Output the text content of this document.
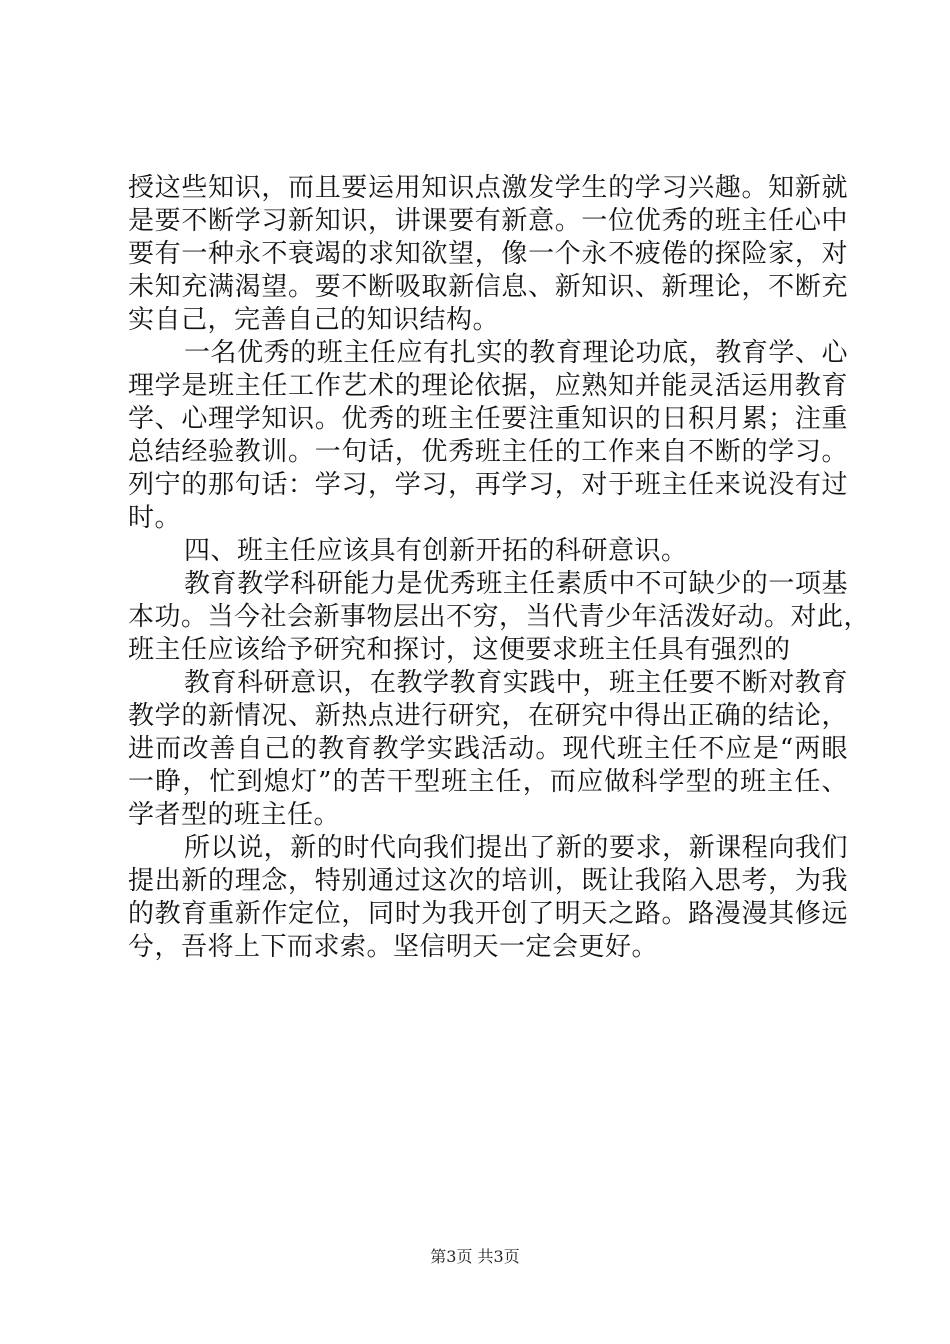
授这些知识，而且要运用知识点激发学生的学习兴趣。知新就
是要不断学习新知识，讲课要有新意。一位优秀的班主任心中
要有一种永不衰竭的求知欲望，像一个永不疲倦的探险家，对
未知充满渴望。要不断吸取新信息、新知识、新理论，不断充
实自己，完善自己的知识结构。
一名优秀的班主任应有扎实的教育理论功底，教育学、心
理学是班主任工作艺术的理论依据，应熟知并能灵活运用教育
学、心理学知识。优秀的班主任要注重知识的日积月累；注重
总结经验教训。一句话，优秀班主任的工作来自不断的学习。
列宁的那句话：学习，学习，再学习，对于班主任来说没有过
时。
四、班主任应该具有创新开拓的科研意识。
教育教学科研能力是优秀班主任素质中不可缺少的一项基
本功。当今社会新事物层出不穷，当代青少年活泼好动。对此，
班主任应该给予研究和探讨，这便要求班主任具有强烈的
教育科研意识，在教学教育实践中，班主任要不断对教育
教学的新情况、新热点进行研究，在研究中得出正确的结论，
进而改善自己的教育教学实践活动。现代班主任不应是“两眼
一睁，忙到熄灯”的苦干型班主任，而应做科学型的班主任、
学者型的班主任。
所以说，新的时代向我们提出了新的要求，新课程向我们
提出新的理念，特别通过这次的培训，既让我陷入思考，为我
的教育重新作定位，同时为我开创了明天之路。路漫漫其修远
兮，吾将上下而求索。坚信明天一定会更好。
第3页 共3页
